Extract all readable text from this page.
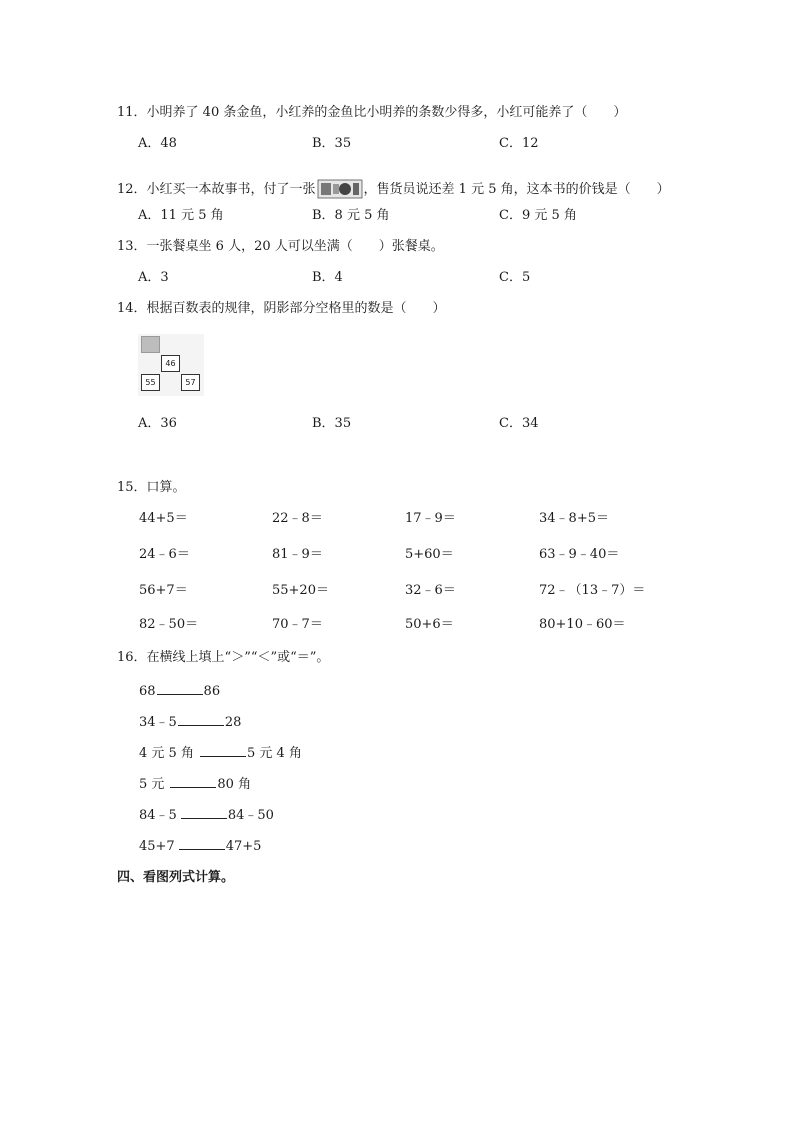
11．小明养了 40 条金鱼，小红养的金鱼比小明养的条数少得多，小红可能养了（　　）
A．48	B．35	C．12
12．小红买一本故事书，付了一张	，售货员说还差 1 元 5 角，这本书的价钱是（　　）
A．11 元 5 角	B．8 元 5 角	C．9 元 5 角
13．一张餐桌坐 6 人，20 人可以坐满（　　）张餐桌。
A．3	B．4	C．5
14．根据百数表的规律，阴影部分空格里的数是（　　）
46
55	57
A．36	B．35	C．34
15．口算。
44+5＝	22﹣8＝	17﹣9＝	34﹣8+5＝
24﹣6＝	81﹣9＝	5+60＝	63﹣9﹣40＝
56+7＝	55+20＝	32﹣6＝	72﹣（13﹣7）＝
82﹣50＝	70﹣7＝	50+6＝	80+10﹣60＝
16．在横线上填上“＞”“＜”或“＝”。
68	86
34﹣5	28
4 元 5 角	5 元 4 角
5 元	80 角
84﹣5	84﹣50
45+7	47+5
四、看图列式计算。
